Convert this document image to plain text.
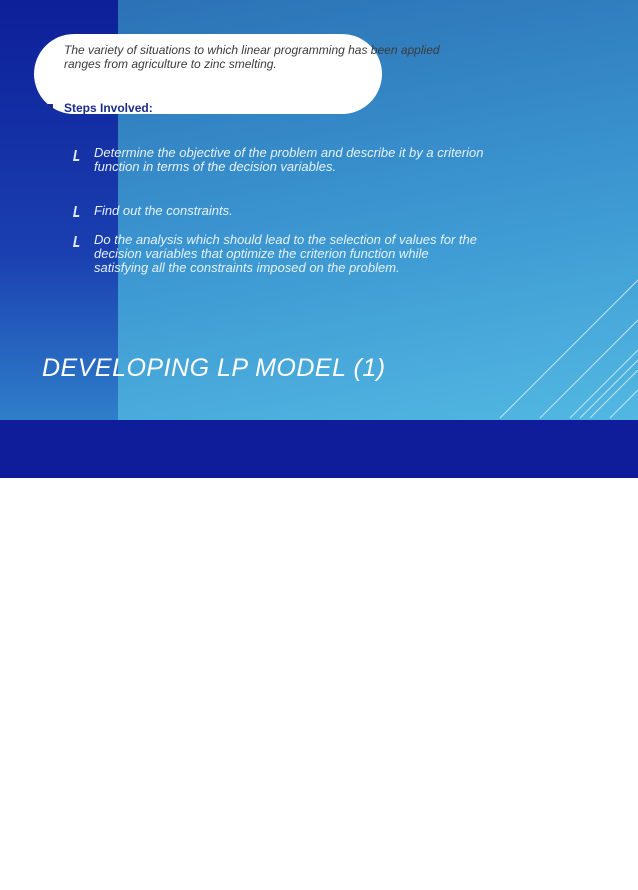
The variety of situations to which linear programming has been applied ranges from agriculture to zinc smelting.
Steps Involved:
Determine the objective of the problem and describe it by a criterion function in terms of the decision variables.
Find out the constraints.
Do the analysis which should lead to the selection of values for the decision variables that optimize the criterion function while satisfying all the constraints imposed on the problem.
DEVELOPING LP MODEL (1)
BCN67755
Decision and Risk Analysis	Syed M. Ahmed, Ph.D.
